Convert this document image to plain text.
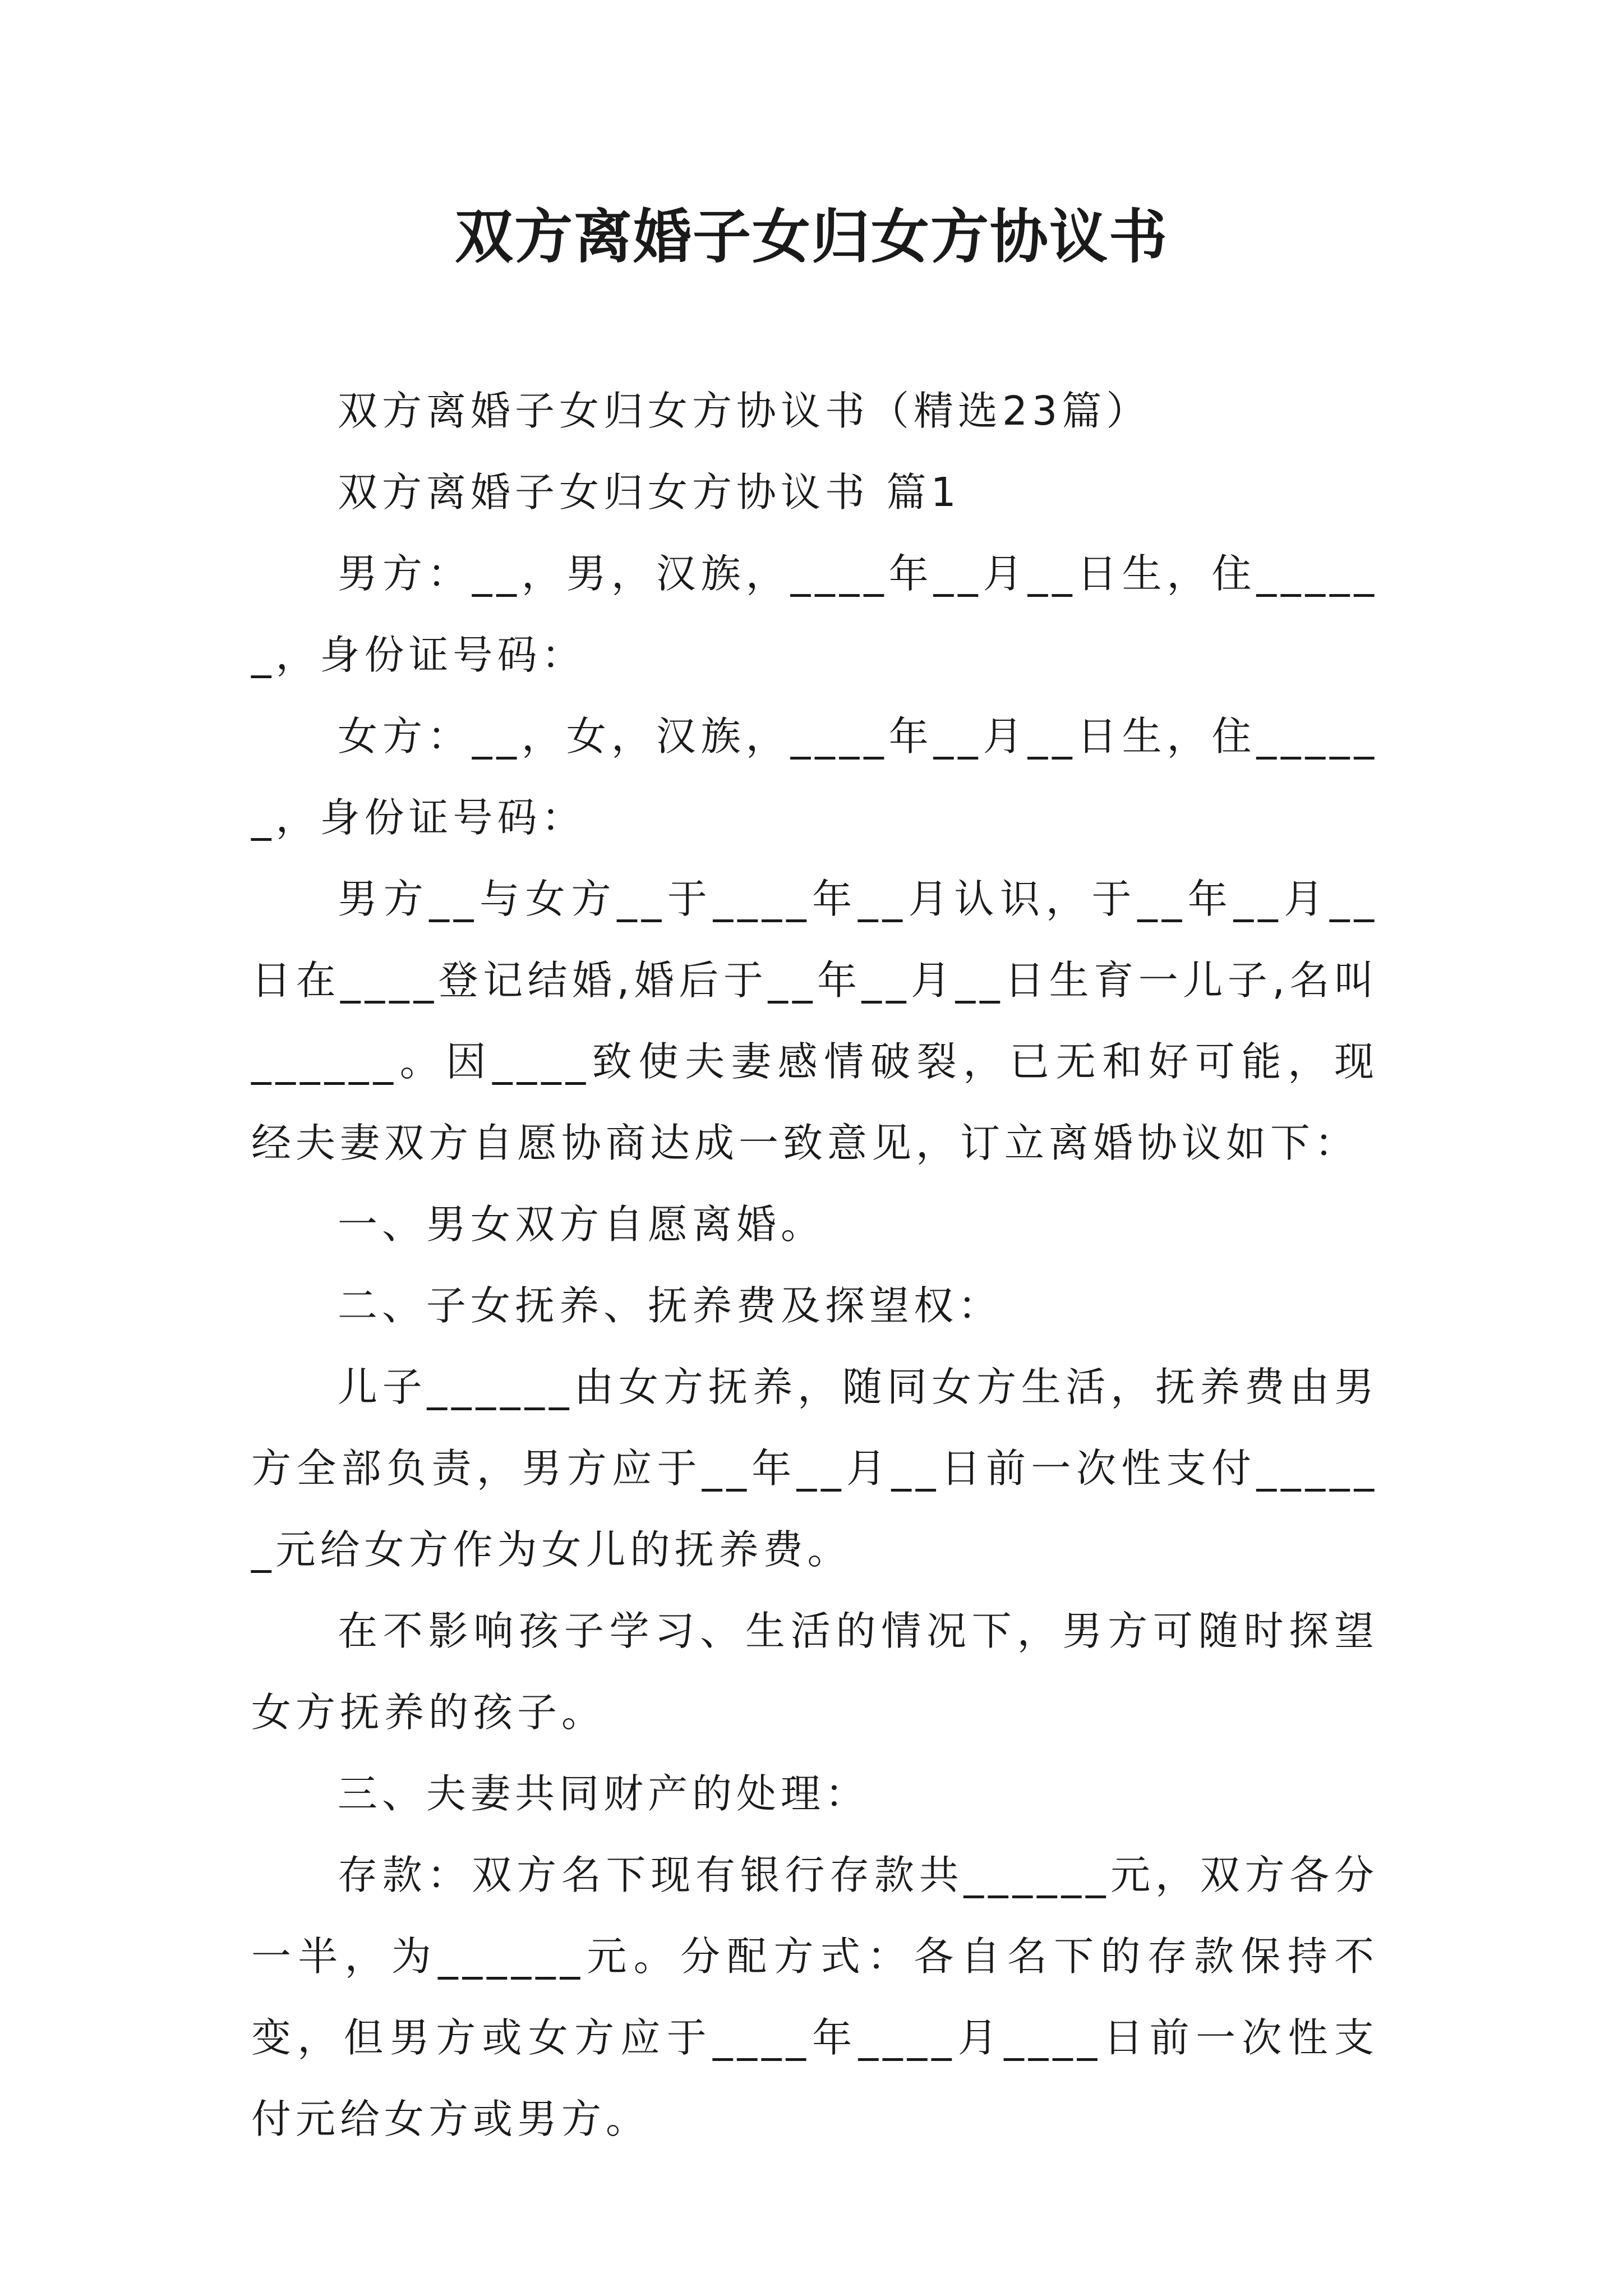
双方离婚子女归女方协议书

双方离婚子女归女方协议书（精选23篇）

双方离婚子女归女方协议书 篇1

男方：__，男，汉族，____年__月__日生，住______，身份证号码：

女方：__，女，汉族，____年__月__日生，住______，身份证号码：

男方__与女方__于____年__月认识，于__年__月__日在____登记结婚,婚后于__年__月__日生育一儿子,名叫______。因____致使夫妻感情破裂，已无和好可能，现经夫妻双方自愿协商达成一致意见，订立离婚协议如下：

一、男女双方自愿离婚。

二、子女抚养、抚养费及探望权：

儿子______由女方抚养，随同女方生活，抚养费由男方全部负责，男方应于__年__月__日前一次性支付______元给女方作为女儿的抚养费。

在不影响孩子学习、生活的情况下，男方可随时探望女方抚养的孩子。

三、夫妻共同财产的处理：

存款：双方名下现有银行存款共______元，双方各分一半，为______元。分配方式：各自名下的存款保持不变，但男方或女方应于____年____月____日前一次性支付元给女方或男方。
